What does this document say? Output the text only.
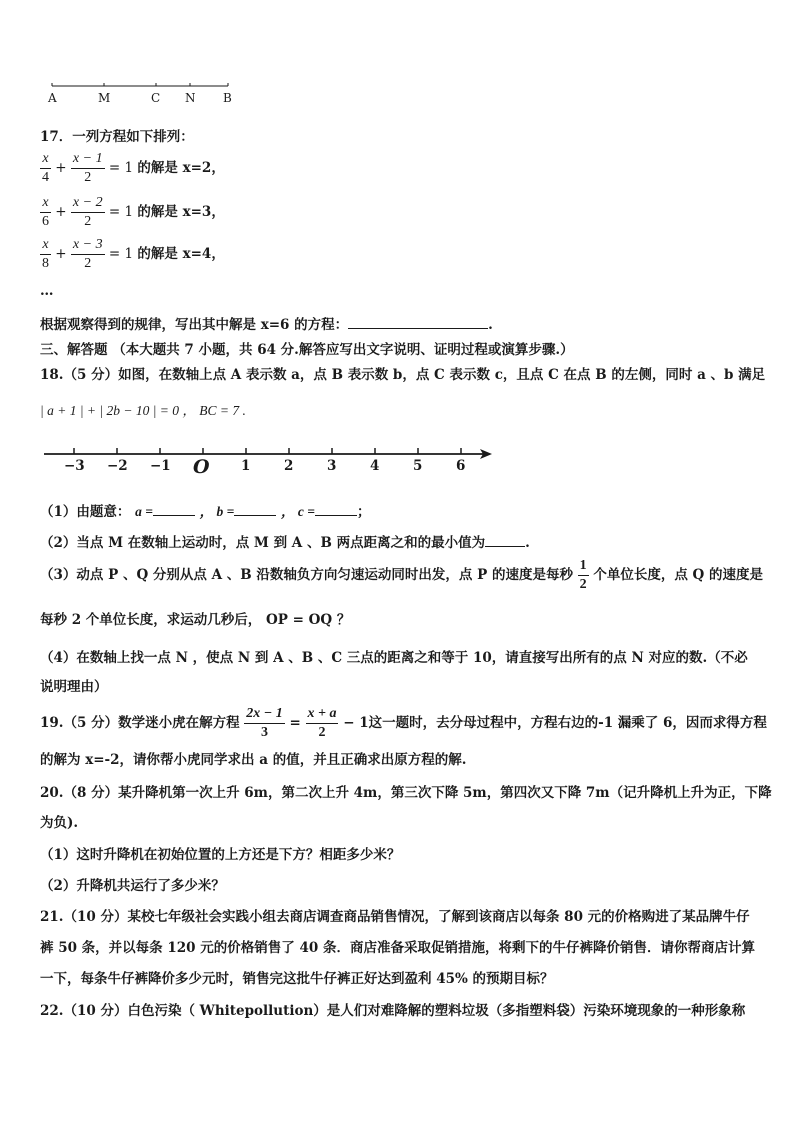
A	M	C N B
17．一列方程如下排列：
$\frac{x}{4} + \frac{x - 1}{2} = 1$ 的解是 x=2，
$\frac{x}{6} + \frac{x - 2}{2} = 1$ 的解是 x=3，
$\frac{x}{8} + \frac{x - 3}{2} = 1$ 的解是 x=4，
…
根据观察得到的规律，写出其中解是 x=6 的方程：	.
三、解答题 （本大题共 7 小题，共 64 分.解答应写出文字说明、证明过程或演算步骤.）
18.（5 分）如图，在数轴上点 A 表示数 a，点 B 表示数 b，点 C 表示数 c，且点 C 在点 B 的左侧，同时 a 、b 满足
| a + 1 | + | 2b − 10 | = 0 ， BC = 7 .
−3 −2 −1 O 1 2 3 4 5 6
（1）由题意： a =	， b =	， c =	；
（2）当点 M 在数轴上运动时，点 M 到 A 、B 两点距离之和的最小值为	.
（3）动点 P 、Q 分别从点 A 、B 沿数轴负方向匀速运动同时出发，点 P 的速度是每秒 $\frac{1}{2}$ 个单位长度，点 Q 的速度是
每秒 2 个单位长度，求运动几秒后， OP = OQ ？
（4）在数轴上找一点 N ，使点 N 到 A 、B 、C 三点的距离之和等于 10，请直接写出所有的点 N 对应的数.（不必
说明理由）
19.（5 分）数学迷小虎在解方程 $\frac{2x - 1}{3} = \frac{x + a}{2} - 1$这一题时，去分母过程中，方程右边的-1 漏乘了 6，因而求得方程
的解为 x=-2，请你帮小虎同学求出 a 的值，并且正确求出原方程的解.
20.（8 分）某升降机第一次上升 6m，第二次上升 4m，第三次下降 5m，第四次又下降 7m（记升降机上升为正，下降
为负).
（1）这时升降机在初始位置的上方还是下方？相距多少米？
（2）升降机共运行了多少米？
21.（10 分）某校七年级社会实践小组去商店调查商品销售情况，了解到该商店以每条 80 元的价格购进了某品牌牛仔
裤 50 条，并以每条 120 元的价格销售了 40 条．商店准备采取促销措施，将剩下的牛仔裤降价销售．请你帮商店计算
一下，每条牛仔裤降价多少元时，销售完这批牛仔裤正好达到盈利 45% 的预期目标？
22.（10 分）白色污染（ Whitepollution）是人们对难降解的塑料垃圾（多指塑料袋）污染环境现象的一种形象称
